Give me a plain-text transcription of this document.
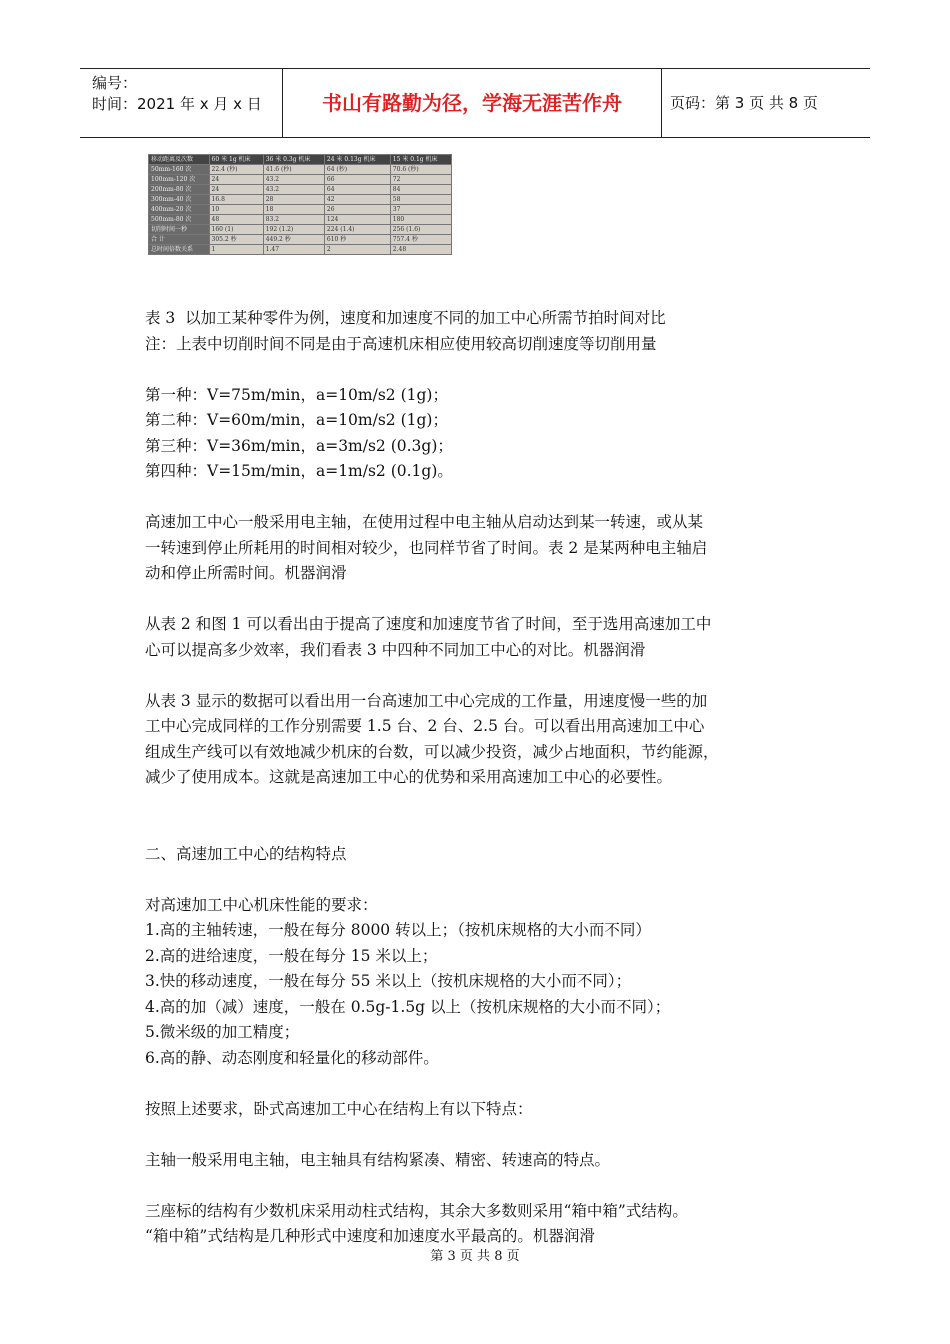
编号：
时间：2021 年 x 月 x 日	书山有路勤为径，学海无涯苦作舟	页码：第 3 页 共 8 页
移动距离及次数	60 米 1g 机床	36 米 0.3g 机床	24 米 0.13g 机床	15 米 0.1g 机床
50mm-160 次	22.4 (秒)	41.6 (秒)	64 (秒)	70.6 (秒)
100mm-120 次	24	43.2	66	72
200mm-80 次	24	43.2	64	84
300mm-40 次	16.8	28	42	58
400mm-20 次	10	18	26	37
500mm-80 次	48	83.2	124	180
切削时间一秒	160 (1)	192 (1.2)	224 (1.4)	256 (1.6)
合 计	305.2 秒	449.2 秒	610 秒	757.4 秒
总时间倍数关系	1	1.47	2	2.48

表 3  以加工某种零件为例，速度和加速度不同的加工中心所需节拍时间对比

注：上表中切削时间不同是由于高速机床相应使用较高切削速度等切削用量

第一种：V=75m/min，a=10m/s2 (1g)；

第二种：V=60m/min，a=10m/s2 (1g)；

第三种：V=36m/min，a=3m/s2 (0.3g)；

第四种：V=15m/min，a=1m/s2 (0.1g)。

高速加工中心一般采用电主轴，在使用过程中电主轴从启动达到某一转速，或从某

一转速到停止所耗用的时间相对较少，也同样节省了时间。表 2 是某两种电主轴启

动和停止所需时间。机器润滑

从表 2 和图 1 可以看出由于提高了速度和加速度节省了时间，至于选用高速加工中

心可以提高多少效率，我们看表 3 中四种不同加工中心的对比。机器润滑

从表 3 显示的数据可以看出用一台高速加工中心完成的工作量，用速度慢一些的加

工中心完成同样的工作分别需要 1.5 台、2 台、2.5 台。可以看出用高速加工中心

组成生产线可以有效地减少机床的台数，可以减少投资，减少占地面积，节约能源，

减少了使用成本。这就是高速加工中心的优势和采用高速加工中心的必要性。

二、高速加工中心的结构特点

对高速加工中心机床性能的要求：

1.高的主轴转速，一般在每分 8000 转以上；（按机床规格的大小而不同）

2.高的进给速度，一般在每分 15 米以上；

3.快的移动速度，一般在每分 55 米以上（按机床规格的大小而不同）；

4.高的加（减）速度，一般在 0.5g-1.5g 以上（按机床规格的大小而不同）；

5.微米级的加工精度；

6.高的静、动态刚度和轻量化的移动部件。

按照上述要求，卧式高速加工中心在结构上有以下特点：

主轴一般采用电主轴，电主轴具有结构紧凑、精密、转速高的特点。

三座标的结构有少数机床采用动柱式结构，其余大多数则采用“箱中箱”式结构。

“箱中箱”式结构是几种形式中速度和加速度水平最高的。机器润滑

第 3 页 共 8 页
